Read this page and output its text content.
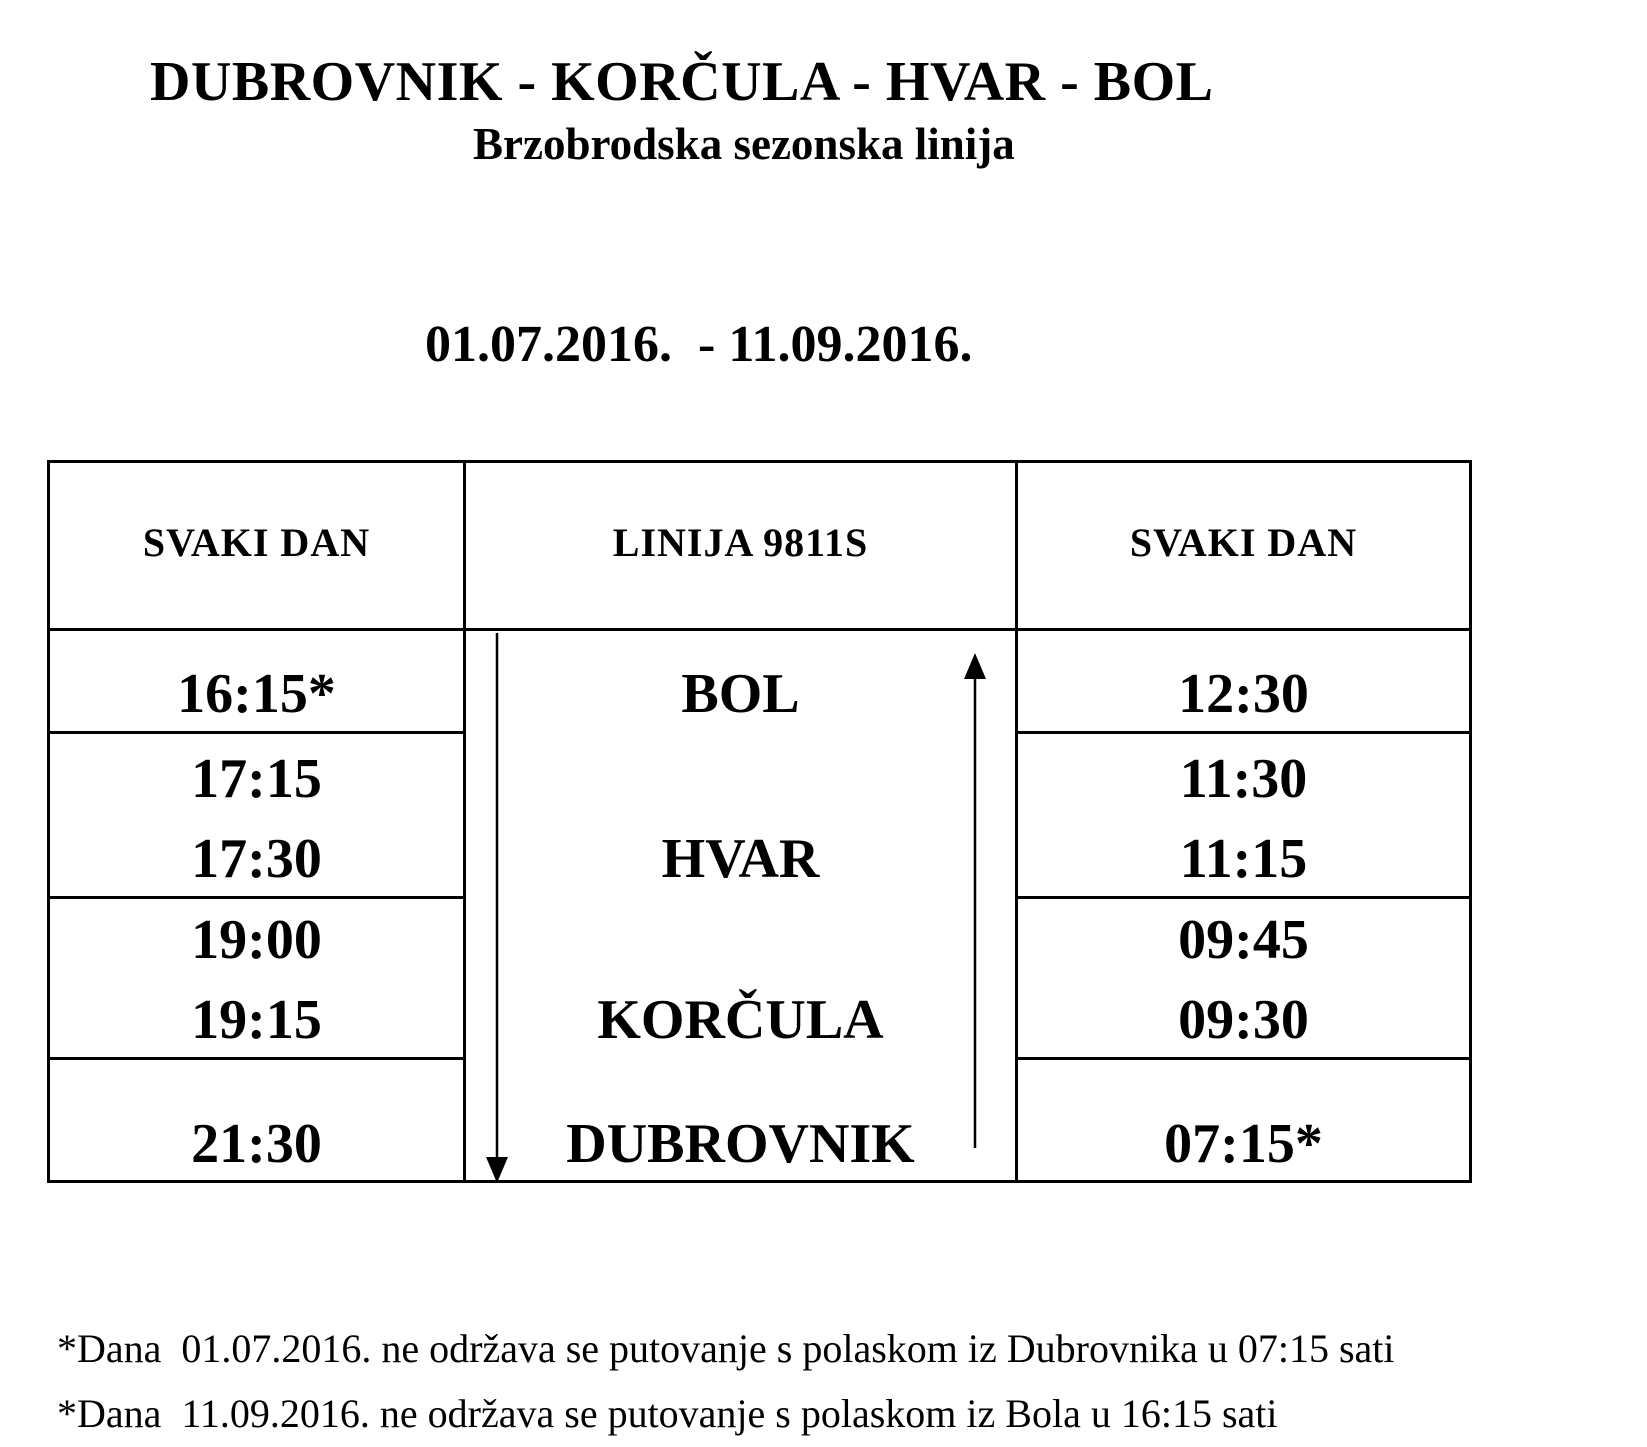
DUBROVNIK - KORČULA - HVAR - BOL
Brzobrodska sezonska linija
01.07.2016.  - 11.09.2016.
SVAKI DAN	LINIJA 9811S	SVAKI DAN
16:15*
17:15
17:30
19:00
19:15
21:30
BOL
HVAR
KORČULA
DUBROVNIK
12:30
11:30
11:15
09:45
09:30
07:15*
*Dana  01.07.2016. ne održava se putovanje s polaskom iz Dubrovnika u 07:15 sati
*Dana  11.09.2016. ne održava se putovanje s polaskom iz Bola u 16:15 sati
